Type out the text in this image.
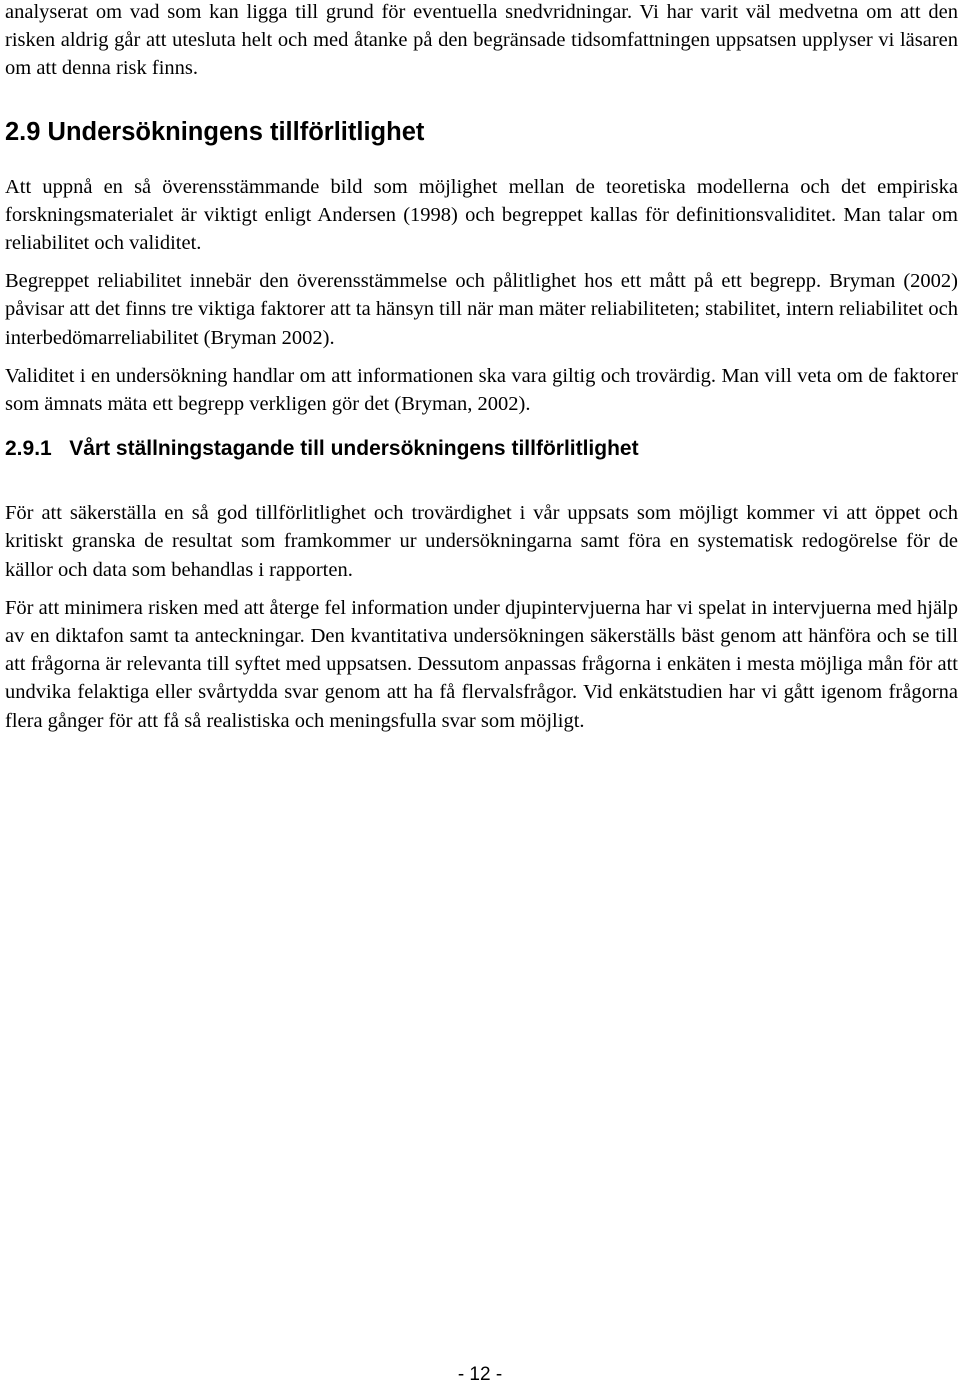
analyserat om vad som kan ligga till grund för eventuella snedvridningar. Vi har varit väl medvetna om att den risken aldrig går att utesluta helt och med åtanke på den begränsade tidsomfattningen uppsatsen upplyser vi läsaren om att denna risk finns.

2.9 Undersökningens tillförlitlighet

Att uppnå en så överensstämmande bild som möjlighet mellan de teoretiska modellerna och det empiriska forskningsmaterialet är viktigt enligt Andersen (1998) och begreppet kallas för definitionsvaliditet. Man talar om reliabilitet och validitet.

Begreppet reliabilitet innebär den överensstämmelse och pålitlighet hos ett mått på ett begrepp. Bryman (2002) påvisar att det finns tre viktiga faktorer att ta hänsyn till när man mäter reliabiliteten; stabilitet, intern reliabilitet och interbedömarreliabilitet (Bryman 2002).

Validitet i en undersökning handlar om att informationen ska vara giltig och trovärdig. Man vill veta om de faktorer som ämnats mäta ett begrepp verkligen gör det (Bryman, 2002).

2.9.1   Vårt ställningstagande till undersökningens tillförlitlighet

För att säkerställa en så god tillförlitlighet och trovärdighet i vår uppsats som möjligt kommer vi att öppet och kritiskt granska de resultat som framkommer ur undersökningarna samt föra en systematisk redogörelse för de källor och data som behandlas i rapporten.

För att minimera risken med att återge fel information under djupintervjuerna har vi spelat in intervjuerna med hjälp av en diktafon samt ta anteckningar. Den kvantitativa undersökningen säkerställs bäst genom att hänföra och se till att frågorna är relevanta till syftet med uppsatsen. Dessutom anpassas frågorna i enkäten i mesta möjliga mån för att undvika felaktiga eller svårtydda svar genom att ha få flervalsfrågor. Vid enkätstudien har vi gått igenom frågorna flera gånger för att få så realistiska och meningsfulla svar som möjligt.

- 12 -
